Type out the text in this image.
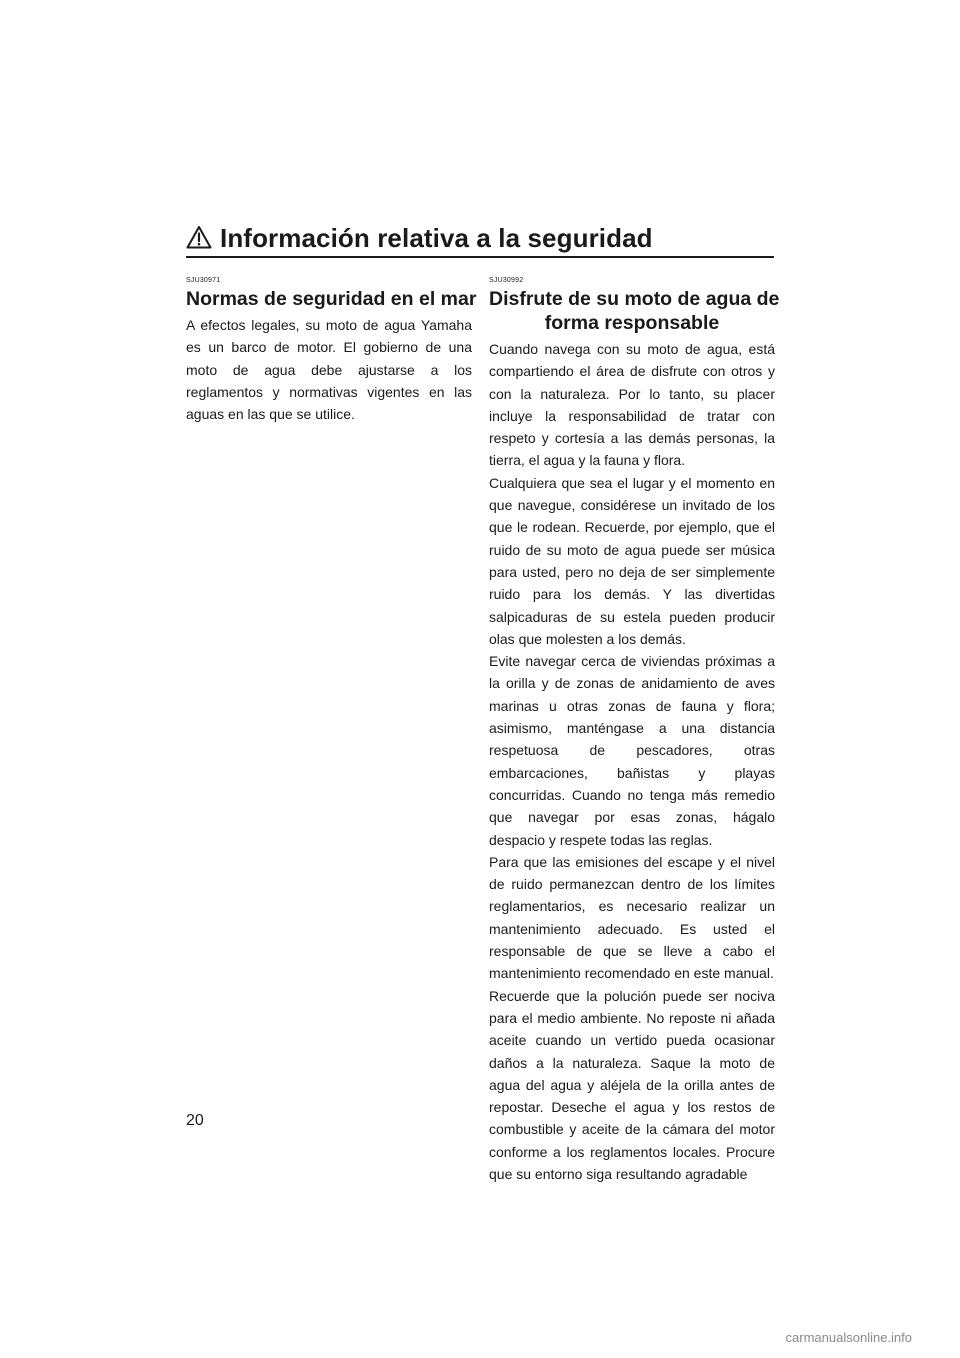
Información relativa a la seguridad
SJU30971
Normas de seguridad en el mar

A efectos legales, su moto de agua Yamaha es un barco de motor. El gobierno de una moto de agua debe ajustarse a los reglamentos y normativas vigentes en las aguas en las que se utilice.

SJU30992
Disfrute de su moto de agua de
forma responsable

Cuando navega con su moto de agua, está compartiendo el área de disfrute con otros y con la naturaleza. Por lo tanto, su placer incluye la responsabilidad de tratar con respeto y cortesía a las demás personas, la tierra, el agua y la fauna y flora.

Cualquiera que sea el lugar y el momento en que navegue, considérese un invitado de los que le rodean. Recuerde, por ejemplo, que el ruido de su moto de agua puede ser música para usted, pero no deja de ser simplemente ruido para los demás. Y las divertidas salpicaduras de su estela pueden producir olas que molesten a los demás.

Evite navegar cerca de viviendas próximas a la orilla y de zonas de anidamiento de aves marinas u otras zonas de fauna y flora; asimismo, manténgase a una distancia respetuosa de pescadores, otras embarcaciones, bañistas y playas concurridas. Cuando no tenga más remedio que navegar por esas zonas, hágalo despacio y respete todas las reglas.

Para que las emisiones del escape y el nivel de ruido permanezcan dentro de los límites reglamentarios, es necesario realizar un mantenimiento adecuado. Es usted el responsable de que se lleve a cabo el mantenimiento recomendado en este manual.

Recuerde que la polución puede ser nociva para el medio ambiente. No reposte ni añada aceite cuando un vertido pueda ocasionar daños a la naturaleza. Saque la moto de agua del agua y aléjela de la orilla antes de repostar. Deseche el agua y los restos de combustible y aceite de la cámara del motor conforme a los reglamentos locales. Procure que su entorno siga resultando agradable

20
carmanualsonline.info
